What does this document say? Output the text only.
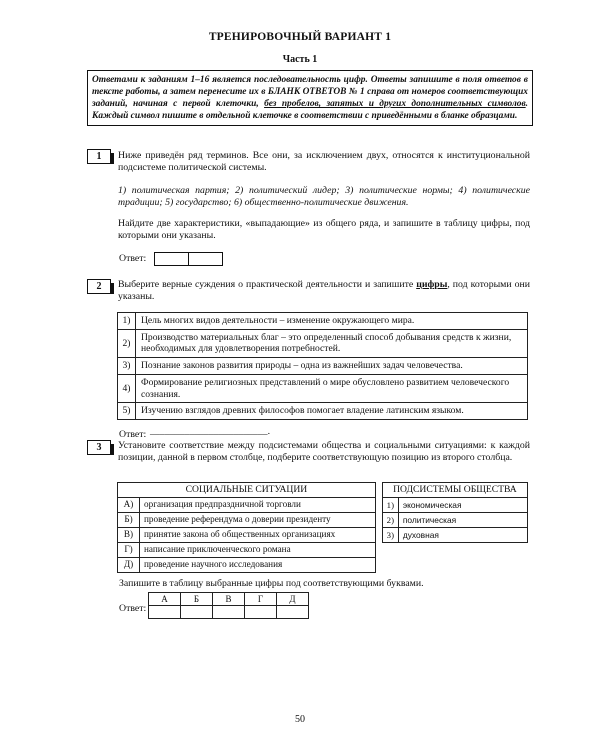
ТРЕНИРОВОЧНЫЙ ВАРИАНТ 1
Часть 1
Ответами к заданиям 1–16 является последовательность цифр. Ответы запишите в поля ответов в тексте работы, а затем перенесите их в БЛАНК ОТВЕТОВ № 1 справа от номеров соответствующих заданий, начиная с первой клеточки, без пробелов, запятых и других дополнительных символов. Каждый символ пишите в отдельной клеточке в соответствии с приведёнными в бланке образцами.
1	Ниже приведён ряд терминов. Все они, за исключением двух, относятся к институциональной подсистеме политической системы.
1) политическая партия; 2) политический лидер; 3) политические нормы; 4) политические традиции; 5) государство; 6) общественно-политические движения.
Найдите две характеристики, «выпадающие» из общего ряда, и запишите в таблицу цифры, под которыми они указаны.
Ответ:
2	Выберите верные суждения о практической деятельности и запишите цифры, под которыми они указаны.
1)	Цель многих видов деятельности – изменение окружающего мира.
2)	Производство материальных благ – это определенный способ добывания средств к жизни, необходимых для удовлетворения потребностей.
3)	Познание законов развития природы – одна из важнейших задач человечества.
4)	Формирование религиозных представлений о мире обусловлено развитием человеческого сознания.
5)	Изучению взглядов древних философов помогает владение латинским языком.
Ответ: ________________________.
3	Установите соответствие между подсистемами общества и социальными ситуациями: к каждой позиции, данной в первом столбце, подберите соответствующую позицию из второго столбца.
СОЦИАЛЬНЫЕ СИТУАЦИИ			ПОДСИСТЕМЫ ОБЩЕСТВА	
А)	организация предпраздничной торговли		1)	экономическая
Б)	проведение референдума о доверии президенту		2)	политическая
В)	принятие закона об общественных организациях		3)	духовная
Г)	написание приключенческого романа			
Д)	проведение научного исследования			
Запишите в таблицу выбранные цифры под соответствующими буквами.
Ответ:
А	Б	В	Г	Д

50
